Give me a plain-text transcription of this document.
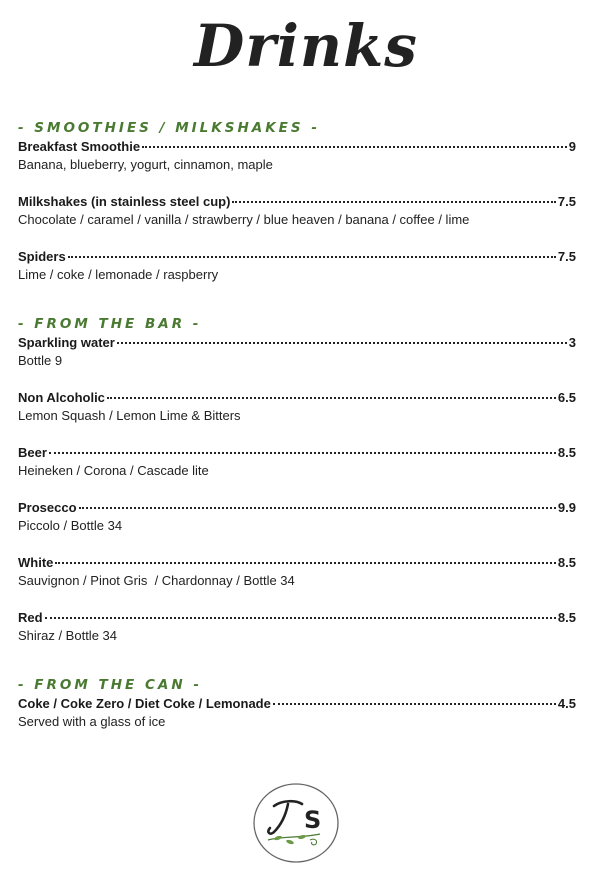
Drinks
- SMOOTHIES / MILKSHAKES -
Breakfast Smoothie	9
Banana, blueberry, yogurt, cinnamon, maple
Milkshakes (in stainless steel cup)	7.5
Chocolate / caramel / vanilla / strawberry / blue heaven / banana / coffee / lime
Spiders	7.5
Lime / coke / lemonade / raspberry
- FROM THE BAR -
Sparkling water	3
Bottle 9
Non Alcoholic	6.5
Lemon Squash / Lemon Lime & Bitters
Beer	8.5
Heineken / Corona / Cascade lite
Prosecco	9.9
Piccolo / Bottle 34
White	8.5
Sauvignon / Pinot Gris  / Chardonnay / Bottle 34
Red	8.5
Shiraz / Bottle 34
- FROM THE CAN -
Coke / Coke Zero / Diet Coke / Lemonade	4.5
Served with a glass of ice
S
